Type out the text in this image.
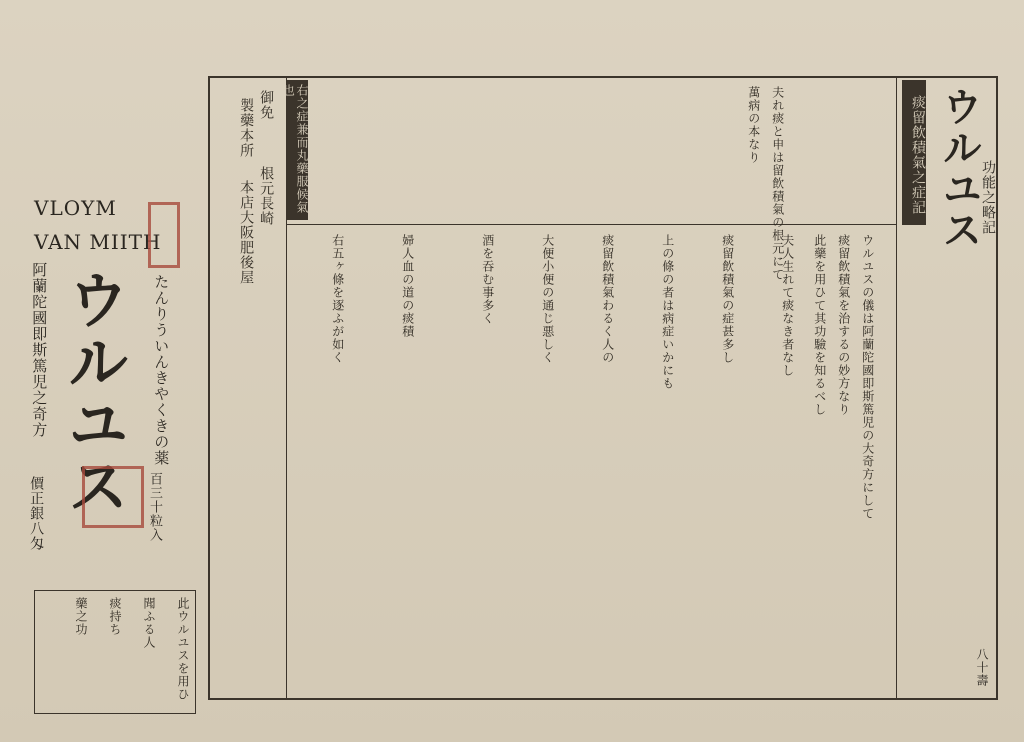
VLOYM
VAN MIITH
阿蘭陀國即斯篤児之奇方 ウルユス たんりういんきやくきの薬
百三十粒入
價正銀八匁
此ウルユスを用ひ
聞ふる人
痰持ち
藥之功
ウルユス
功能之略記
痰留飲積氣之症記
右之症兼而丸藥服候氣也
御免
製藥本所
根元長崎
本店大阪肥後屋
ウルユスの儀は阿蘭陀國即斯篤児の大奇方にして
痰留飲積氣を治するの妙方なり
此藥を用ひて其功驗を知るべし
夫れ痰と申は留飲積氣の根元にて
萬病の本なり
夫人生れて痰なき者なし
痰留飲積氣の症甚多し
上の條の者は病症いかにも
痰留飲積氣わるく人の
大便小便の通じ悪しく
酒を吞む事多く
婦人血の道の痰積
右五ヶ條を逐ふが如く
八十壽
